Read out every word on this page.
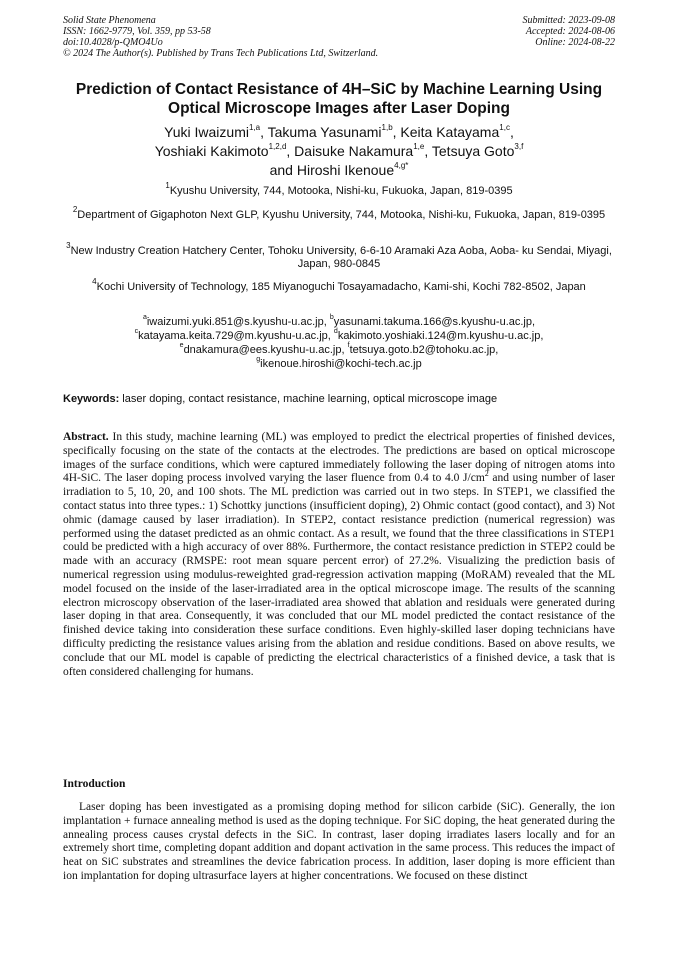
Solid State Phenomena
ISSN: 1662-9779, Vol. 359, pp 53-58
doi:10.4028/p-QMO4Uo
© 2024 The Author(s). Published by Trans Tech Publications Ltd, Switzerland.
Submitted: 2023-09-08
Accepted: 2024-08-06
Online: 2024-08-22
Prediction of Contact Resistance of 4H–SiC by Machine Learning Using
Optical Microscope Images after Laser Doping
Yuki Iwaizumi$^{1,a}$, Takuma Yasunami$^{1,b}$, Keita Katayama$^{1,c}$,
Yoshiaki Kakimoto$^{1,2,d}$, Daisuke Nakamura$^{1,e}$, Tetsuya Goto$^{3,f}$
and Hiroshi Ikenoue$^{4,g*}$
$^1$Kyushu University, 744, Motooka, Nishi-ku, Fukuoka, Japan, 819-0395
$^2$Department of Gigaphoton Next GLP, Kyushu University, 744, Motooka, Nishi-ku, Fukuoka, Japan, 819-0395
$^3$New Industry Creation Hatchery Center, Tohoku University, 6-6-10 Aramaki Aza Aoba, Aoba- ku Sendai, Miyagi, Japan, 980-0845
$^4$Kochi University of Technology, 185 Miyanoguchi Tosayamadacho, Kami-shi, Kochi 782-8502, Japan
$^a$iwaizumi.yuki.851@s.kyushu-u.ac.jp, $^b$yasunami.takuma.166@s.kyushu-u.ac.jp,
$^c$katayama.keita.729@m.kyushu-u.ac.jp, $^d$kakimoto.yoshiaki.124@m.kyushu-u.ac.jp,
$^e$dnakamura@ees.kyushu-u.ac.jp, $^f$tetsuya.goto.b2@tohoku.ac.jp,
$^g$ikenoue.hiroshi@kochi-tech.ac.jp
Keywords: laser doping, contact resistance, machine learning, optical microscope image
Abstract. In this study, machine learning (ML) was employed to predict the electrical properties of finished devices, specifically focusing on the state of the contacts at the electrodes. The predictions are based on optical microscope images of the surface conditions, which were captured immediately following the laser doping of nitrogen atoms into 4H-SiC. The laser doping process involved varying the laser fluence from 0.4 to 4.0 $J/cm^2$ and using number of laser irradiation to 5, 10, 20, and 100 shots. The ML prediction was carried out in two steps. In STEP1, we classified the contact status into three types.: 1) Schottky junctions (insufficient doping), 2) Ohmic contact (good contact), and 3) Not ohmic (damage caused by laser irradiation). In STEP2, contact resistance prediction (numerical regression) was performed using the dataset predicted as an ohmic contact. As a result, we found that the three classifications in STEP1 could be predicted with a high accuracy of over 88%. Furthermore, the contact resistance prediction in STEP2 could be made with an accuracy (RMSPE: root mean square percent error) of 27.2%. Visualizing the prediction basis of numerical regression using modulus-reweighted grad-regression activation mapping (MoRAM) revealed that the ML model focused on the inside of the laser-irradiated area in the optical microscope image. The results of the scanning electron microscopy observation of the laser-irradiated area showed that ablation and residuals were generated during laser doping in that area. Consequently, it was concluded that our ML model predicted the contact resistance of the finished device taking into consideration these surface conditions. Even highly-skilled laser doping technicians have difficulty predicting the resistance values arising from the ablation and residue conditions. Based on above results, we conclude that our ML model is capable of predicting the electrical characteristics of a finished device, a task that is often considered challenging for humans.
Introduction
Laser doping has been investigated as a promising doping method for silicon carbide (SiC). Generally, the ion implantation + furnace annealing method is used as the doping technique. For SiC doping, the heat generated during the annealing process causes crystal defects in the SiC. In contrast, laser doping irradiates lasers locally and for an extremely short time, completing dopant addition and dopant activation in the same process. This reduces the impact of heat on SiC substrates and streamlines the device fabrication process. In addition, laser doping is more efficient than ion implantation for doping ultrasurface layers at higher concentrations. We focused on these distinct
